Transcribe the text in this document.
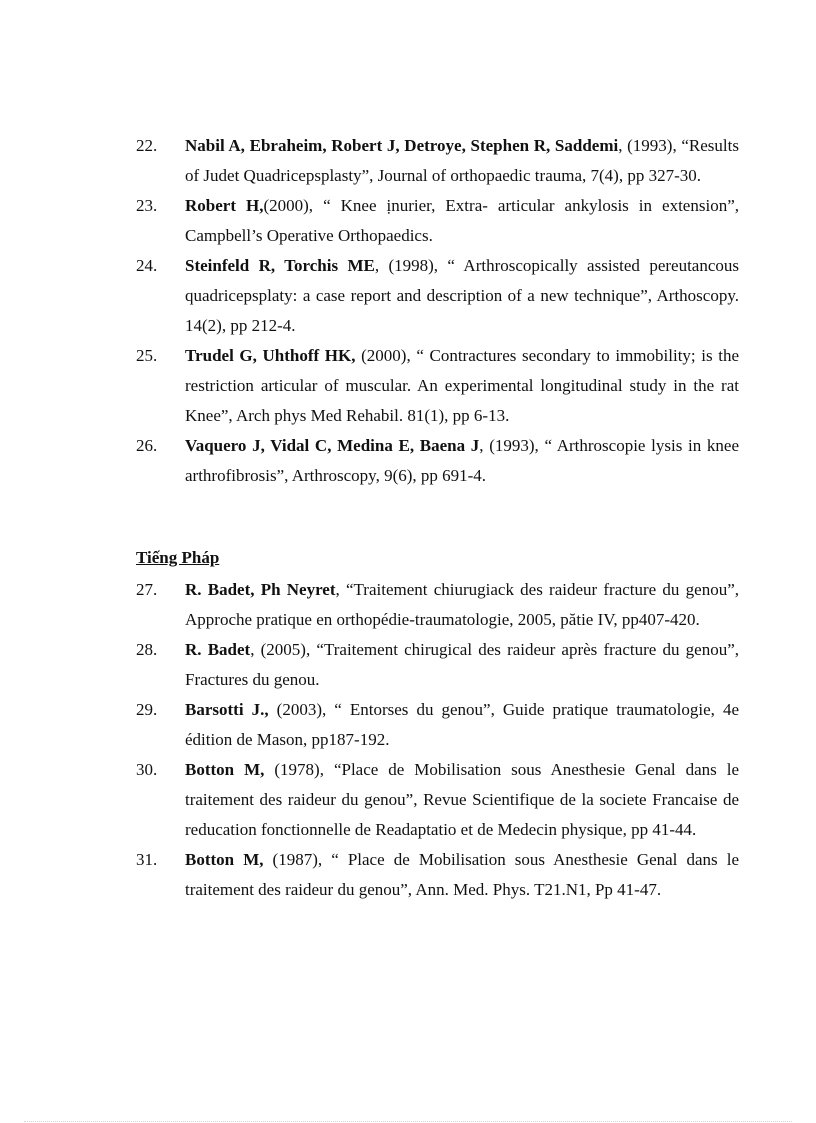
22.	Nabil A, Ebraheim, Robert J, Detroye, Stephen R, Saddemi, (1993), “Results of Judet Quadricepsplasty”, Journal of orthopaedic trauma, 7(4), pp 327-30.
23.	Robert H,(2000), “ Knee ịnurier, Extra- articular ankylosis in extension”, Campbell’s Operative Orthopaedics.
24.	Steinfeld R, Torchis ME, (1998), “ Arthroscopically assisted pereutancous quadricepsplaty: a case report and description of a new technique”, Arthoscopy. 14(2), pp 212-4.
25.	Trudel G, Uhthoff HK, (2000), “ Contractures secondary to immobility; is the restriction articular of muscular. An experimental longitudinal study in the rat Knee”, Arch phys Med Rehabil. 81(1), pp 6-13.
26.	Vaquero J, Vidal C, Medina E, Baena J, (1993), “ Arthroscopie lysis in knee arthrofibrosis”, Arthroscopy, 9(6), pp 691-4.
Tiếng Pháp
27.	R. Badet, Ph Neyret, “Traitement chiurugiack des raideur fracture du genou”, Approche pratique en orthopédie-traumatologie, 2005, pătie IV, pp407-420.
28.	R. Badet, (2005), “Traitement chirugical des raideur après fracture du genou”, Fractures du genou.
29.	Barsotti J., (2003), “ Entorses du genou”, Guide pratique traumatologie, 4e édition de Mason, pp187-192.
30.	Botton M, (1978), “Place de Mobilisation sous Anesthesie Genal dans le traitement des raideur du genou”, Revue Scientifique de la societe Francaise de reducation fonctionnelle de Readaptatio et de Medecin physique, pp 41-44.
31.	Botton M, (1987), “ Place de Mobilisation sous Anesthesie Genal dans le traitement des raideur du genou”, Ann. Med. Phys. T21.N1, Pp 41-47.
